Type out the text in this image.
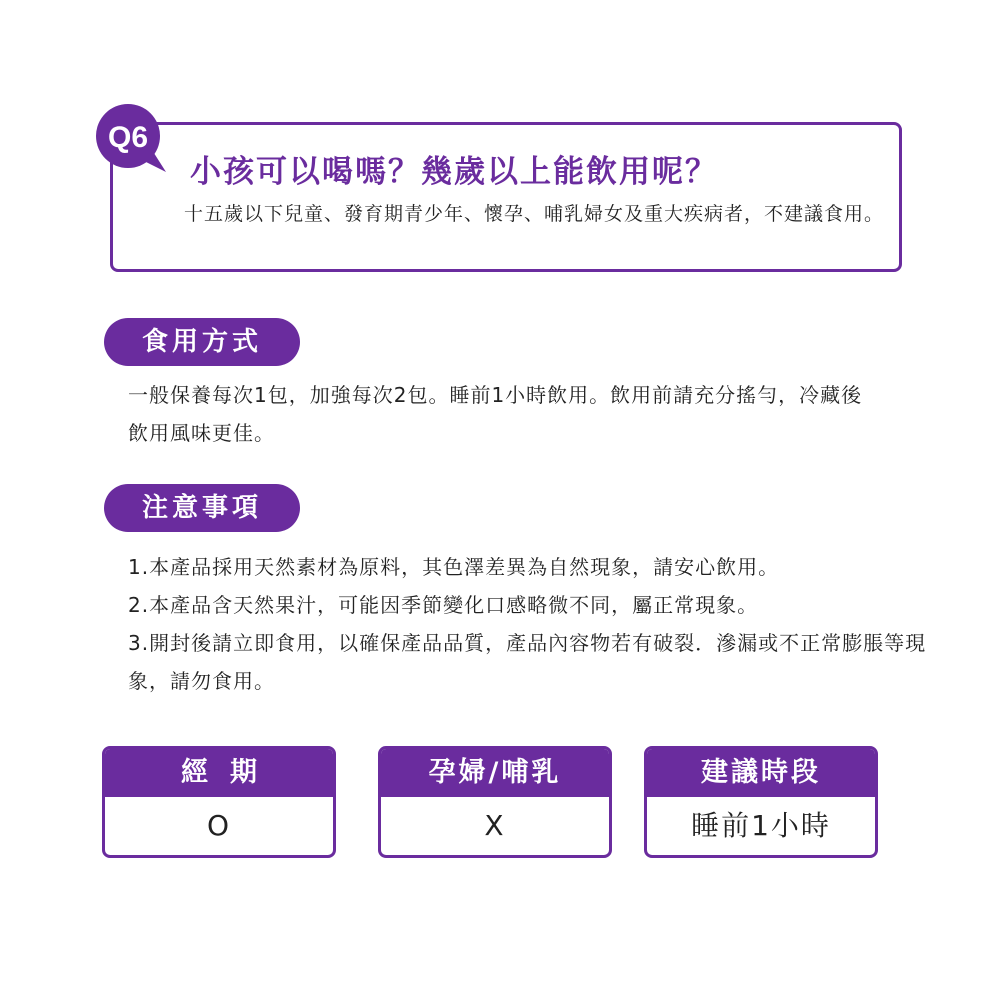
Q6
小孩可以喝嗎？幾歲以上能飲用呢？
十五歲以下兒童、發育期青少年、懷孕、哺乳婦女及重大疾病者，不建議食用。
食用方式
一般保養每次1包，加強每次2包。睡前1小時飲用。飲用前請充分搖勻，冷藏後飲用風味更佳。
注意事項
1.本產品採用天然素材為原料，其色澤差異為自然現象，請安心飲用。
2.本產品含天然果汁，可能因季節變化口感略微不同，屬正常現象。
3.開封後請立即食用，以確保產品品質，產品內容物若有破裂．滲漏或不正常膨脹等現象，請勿食用。
經期
O
孕婦/哺乳
X
建議時段
睡前1小時
